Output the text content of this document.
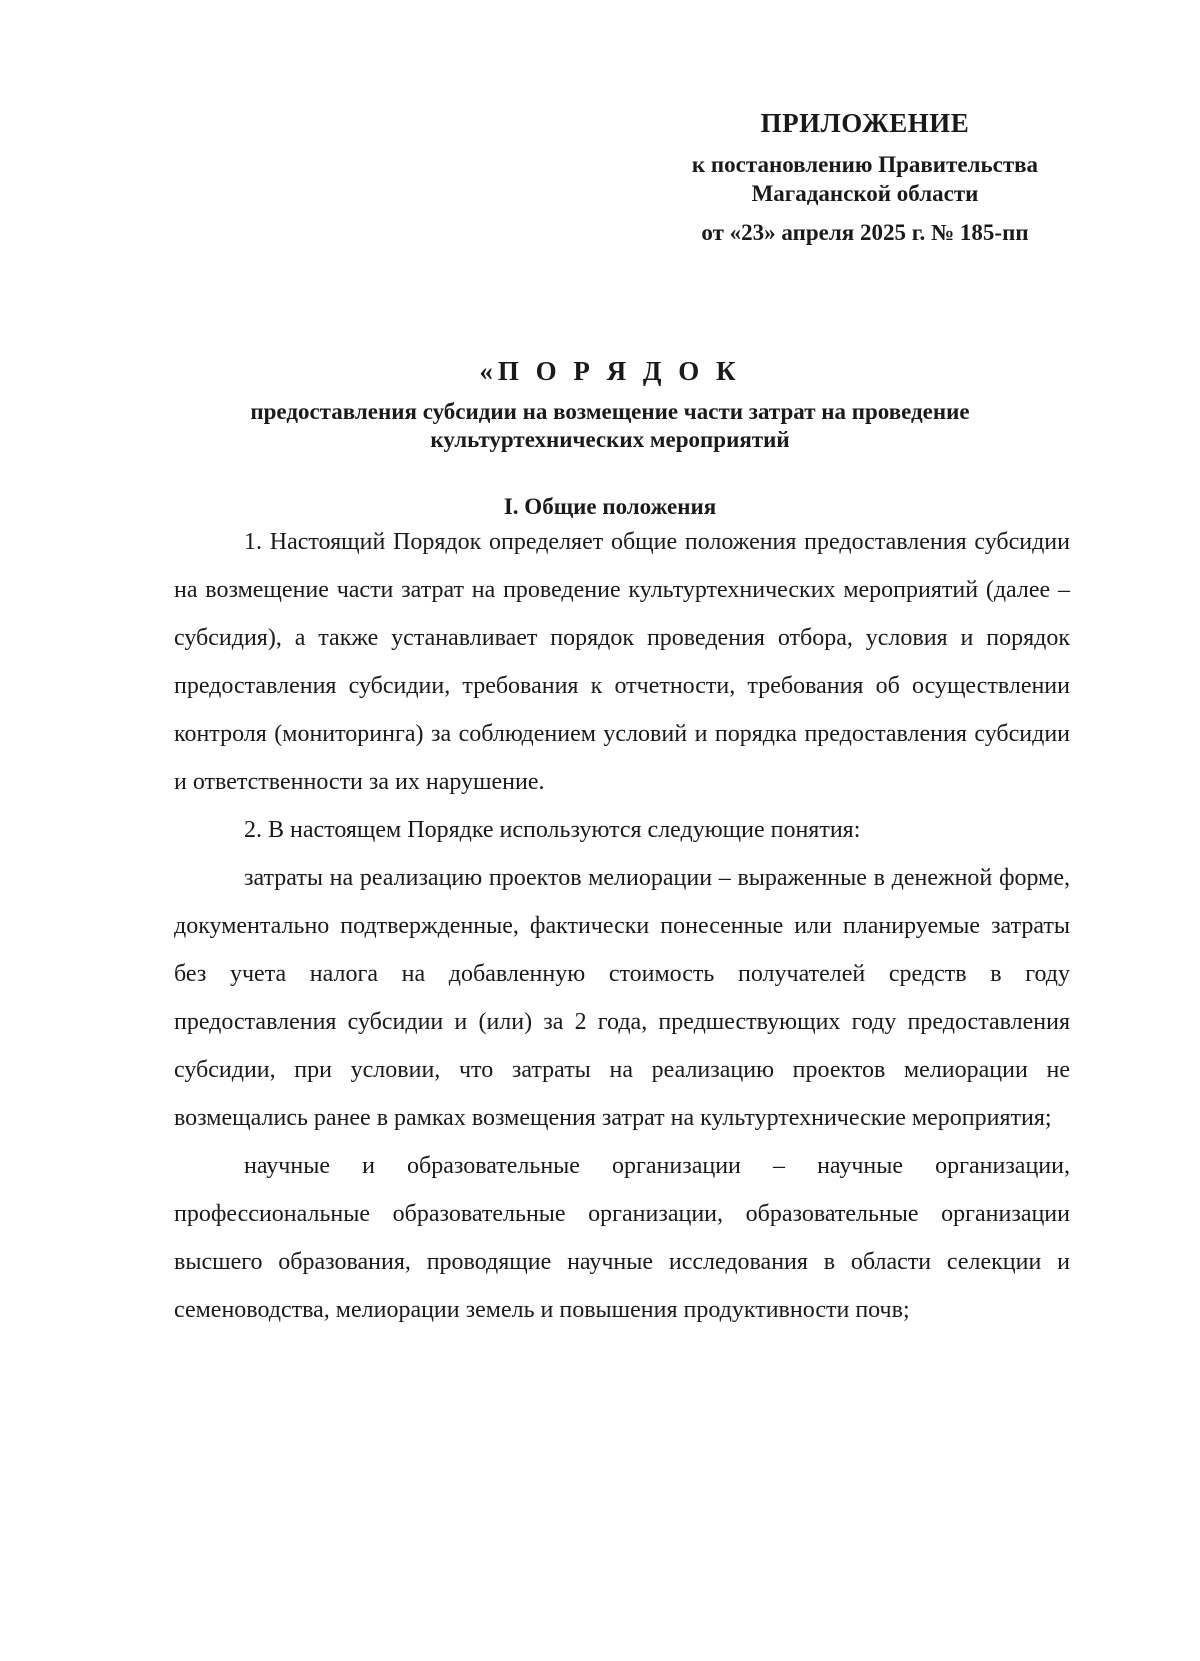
ПРИЛОЖЕНИЕ
к постановлению Правительства
Магаданской области
от «23» апреля 2025 г. № 185-пп
«П О Р Я Д О К
предоставления субсидии на возмещение части затрат на проведение
культуртехнических мероприятий
I. Общие положения

1. Настоящий Порядок определяет общие положения предоставления субсидии на возмещение части затрат на проведение культуртехнических мероприятий (далее – субсидия), а также устанавливает порядок проведения отбора, условия и порядок предоставления субсидии, требования к отчетности, требования об осуществлении контроля (мониторинга) за соблюдением условий и порядка предоставления субсидии и ответственности за их нарушение.

2. В настоящем Порядке используются следующие понятия:

затраты на реализацию проектов мелиорации – выраженные в денежной форме, документально подтвержденные, фактически понесенные или планируемые затраты без учета налога на добавленную стоимость получателей средств в году предоставления субсидии и (или) за 2 года, предшествующих году предоставления субсидии, при условии, что затраты на реализацию проектов мелиорации не возмещались ранее в рамках возмещения затрат на культуртехнические мероприятия;

научные и образовательные организации – научные организации, профессиональные образовательные организации, образовательные организации высшего образования, проводящие научные исследования в области селекции и семеноводства, мелиорации земель и повышения продуктивности почв;
